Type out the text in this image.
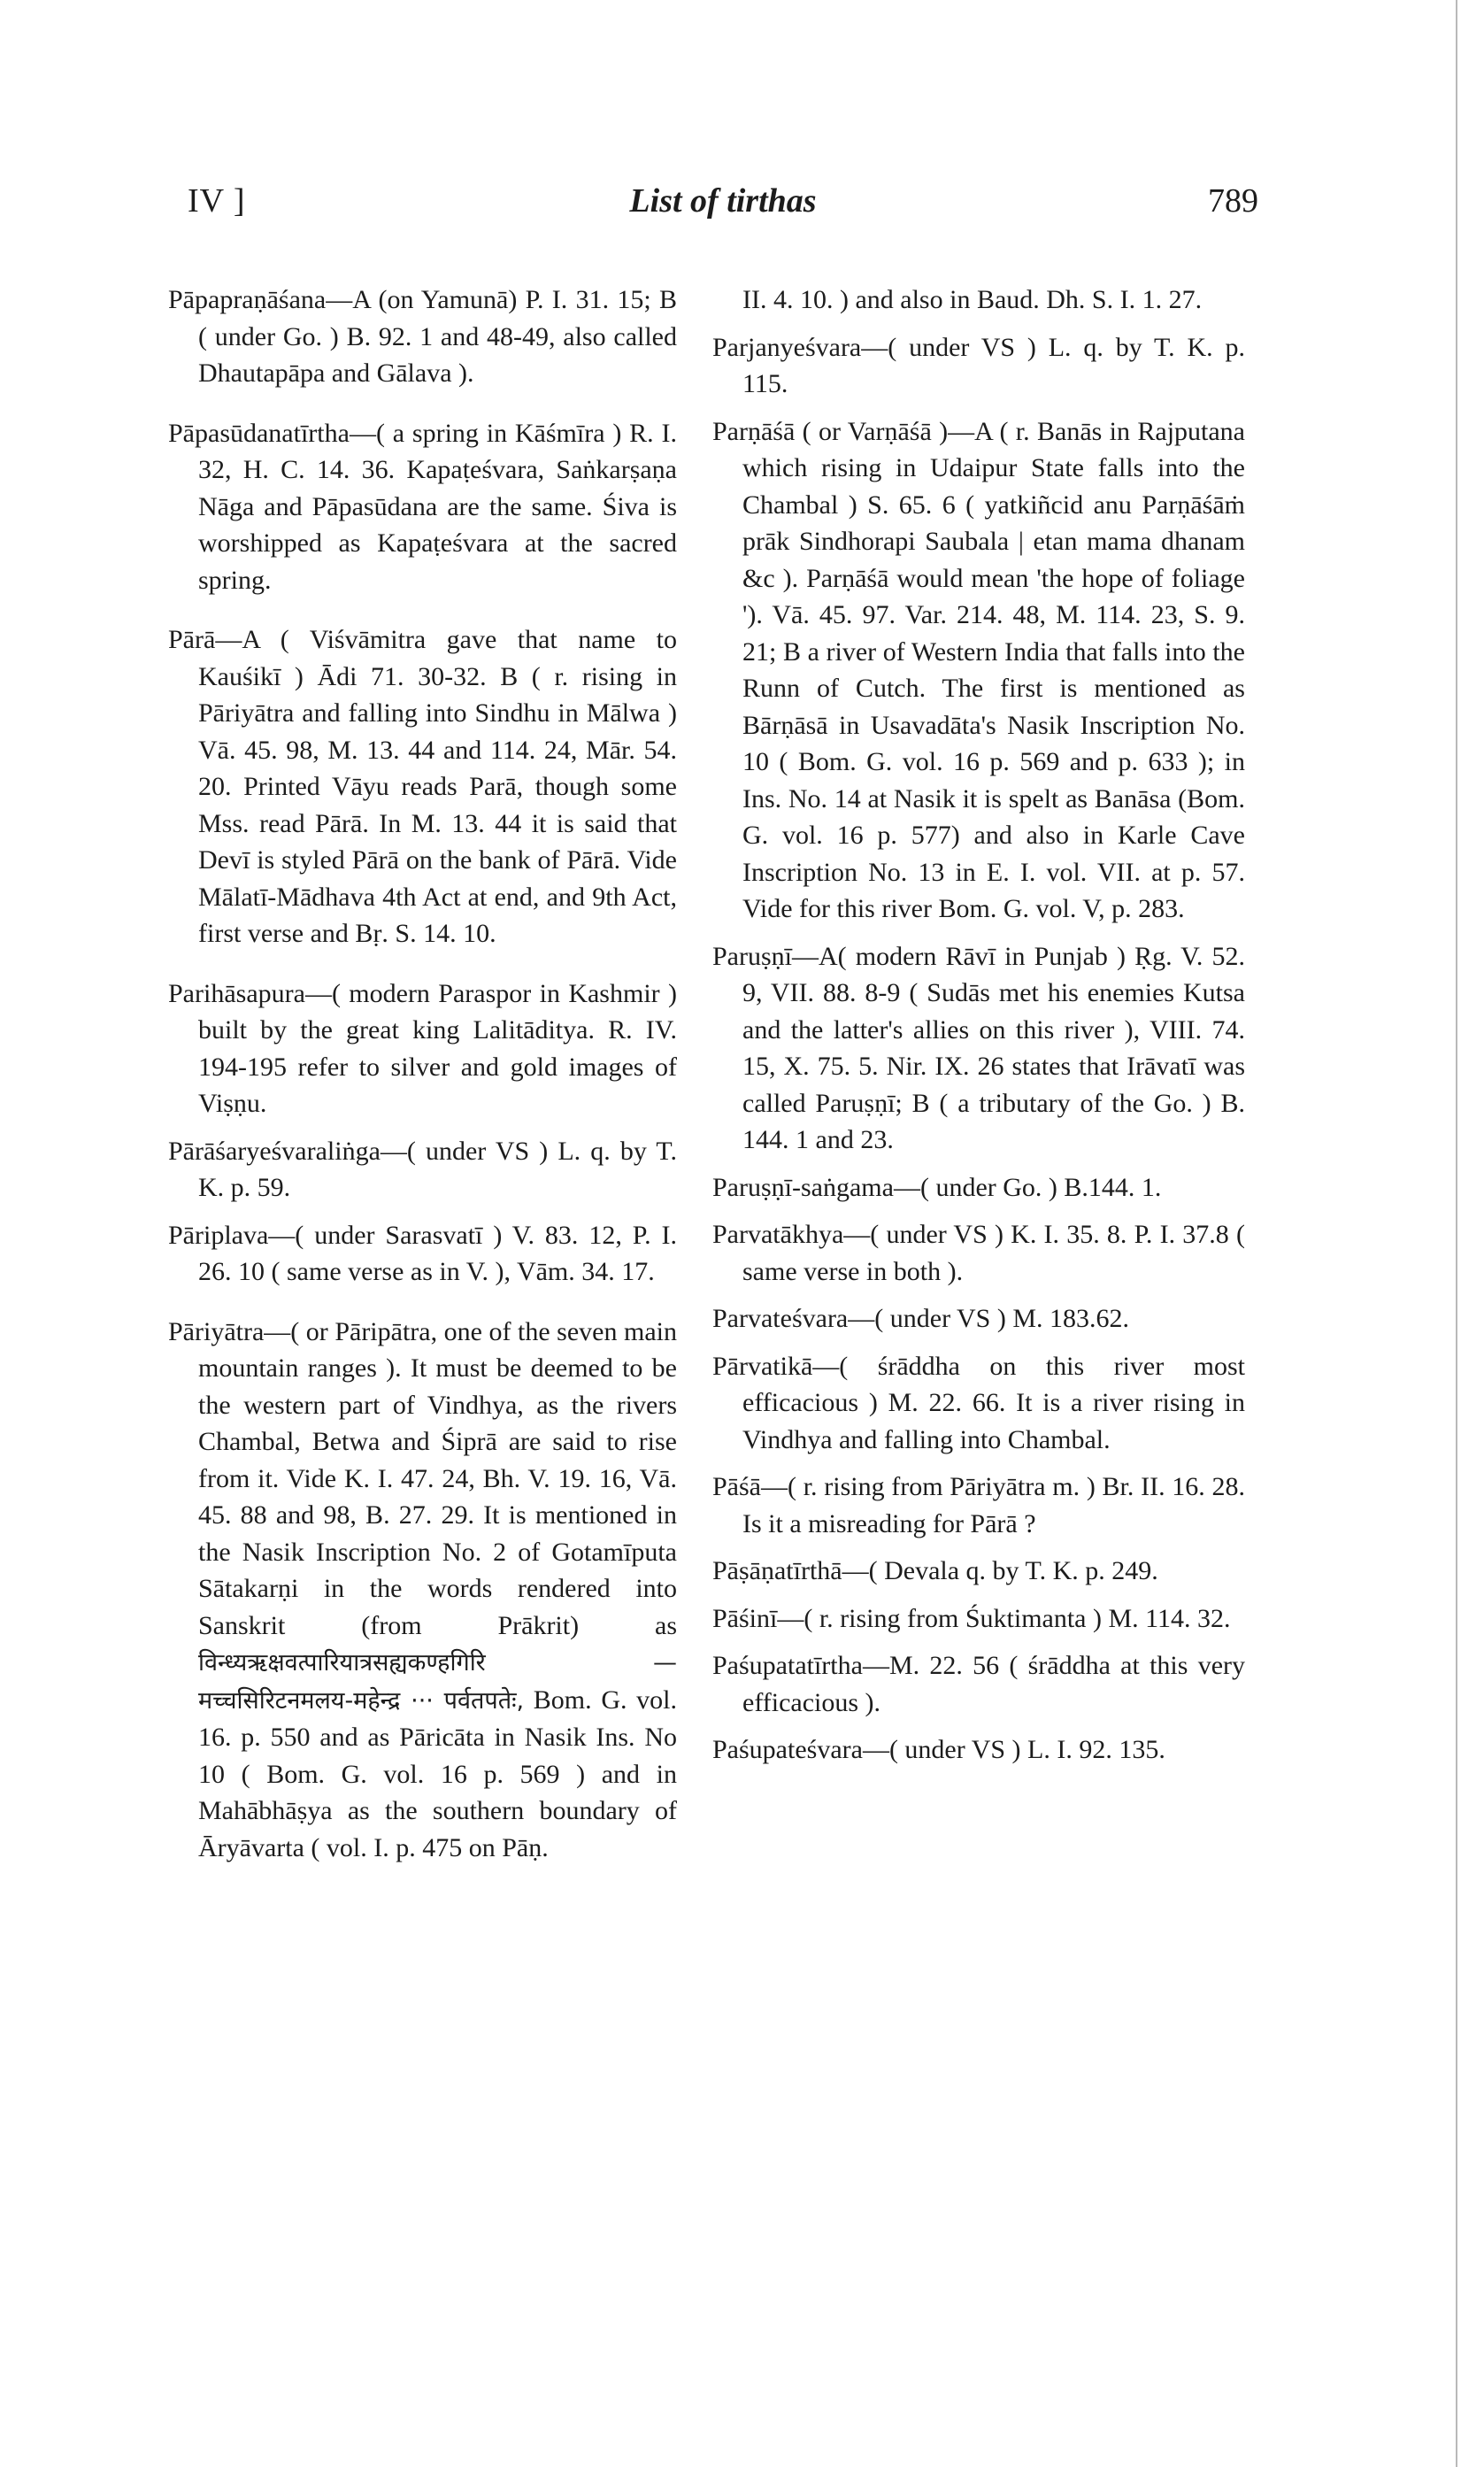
IV ]	List of tirthas	789

Pāpapraṇāśana—A (on Yamunā) P. I. 31. 15; B ( under Go. ) B. 92. 1 and 48-49, also called Dhautapāpa and Gālava ).

Pāpasūdanatīrtha—( a spring in Kāśmīra ) R. I. 32, H. C. 14. 36. Kapaṭeśvara, Saṅkarṣaṇa Nāga and Pāpasūdana are the same. Śiva is worshipped as Kapaṭeśvara at the sacred spring.

Pārā—A ( Viśvāmitra gave that name to Kauśikī ) Ādi 71. 30-32. B ( r. rising in Pāriyātra and falling into Sindhu in Mālwa ) Vā. 45. 98, M. 13. 44 and 114. 24, Mār. 54. 20. Printed Vāyu reads Parā, though some Mss. read Pārā. In M. 13. 44 it is said that Devī is styled Pārā on the bank of Pārā. Vide Mālatī-Mādhava 4th Act at end, and 9th Act, first verse and Bṛ. S. 14. 10.

Parihāsapura—( modern Paraspor in Kashmir ) built by the great king Lalitāditya. R. IV. 194-195 refer to silver and gold images of Viṣṇu.

Pārāśaryeśvaraliṅga—( under VS ) L. q. by T. K. p. 59.

Pāriplava—( under Sarasvatī ) V. 83. 12, P. I. 26. 10 ( same verse as in V. ), Vām. 34. 17.

Pāriyātra—( or Pāripātra, one of the seven main mountain ranges ). It must be deemed to be the western part of Vindhya, as the rivers Chambal, Betwa and Śiprā are said to rise from it. Vide K. I. 47. 24, Bh. V. 19. 16, Vā. 45. 88 and 98, B. 27. 29. It is mentioned in the Nasik Inscription No. 2 of Gotamīputa Sātakarṇi in the words rendered into Sanskrit (from Prākrit) as विन्ध्यऋक्षवत्पारियात्रसह्यकण्हगिरि — मच्चसिरिटनमलय-महेन्द्र ··· पर्वतपतेः, Bom. G. vol. 16. p. 550 and as Pāricāta in Nasik Ins. No 10 ( Bom. G. vol. 16 p. 569 ) and in Mahābhāṣya as the southern boundary of Āryāvarta ( vol. I. p. 475 on Pāṇ.

II. 4. 10. ) and also in Baud. Dh. S. I. 1. 27.

Parjanyeśvara—( under VS ) L. q. by T. K. p. 115.

Parṇāśā ( or Varṇāśā )—A ( r. Banās in Rajputana which rising in Udaipur State falls into the Chambal ) S. 65. 6 ( yatkiñcid anu Parṇāśāṁ prāk Sindhorapi Saubala | etan mama dhanam &c ). Parṇāśā would mean 'the hope of foliage '). Vā. 45. 97. Var. 214. 48, M. 114. 23, S. 9. 21; B a river of Western India that falls into the Runn of Cutch. The first is mentioned as Bārṇāsā in Usavadāta's Nasik Inscription No. 10 ( Bom. G. vol. 16 p. 569 and p. 633 ); in Ins. No. 14 at Nasik it is spelt as Banāsa (Bom. G. vol. 16 p. 577) and also in Karle Cave Inscription No. 13 in E. I. vol. VII. at p. 57. Vide for this river Bom. G. vol. V, p. 283.

Paruṣṇī—A( modern Rāvī in Punjab ) Ṛg. V. 52. 9, VII. 88. 8-9 ( Sudās met his enemies Kutsa and the latter's allies on this river ), VIII. 74. 15, X. 75. 5. Nir. IX. 26 states that Irāvatī was called Paruṣṇī; B ( a tributary of the Go. ) B. 144. 1 and 23.

Paruṣṇī-saṅgama—( under Go. ) B.144. 1.

Parvatākhya—( under VS ) K. I. 35. 8. P. I. 37.8 ( same verse in both ).

Parvateśvara—( under VS ) M. 183.62.

Pārvatikā—( śrāddha on this river most efficacious ) M. 22. 66. It is a river rising in Vindhya and falling into Chambal.

Pāśā—( r. rising from Pāriyātra m. ) Br. II. 16. 28. Is it a misreading for Pārā ?

Pāṣāṇatīrthā—( Devala q. by T. K. p. 249.

Pāśinī—( r. rising from Śuktimanta ) M. 114. 32.

Paśupatatīrtha—M. 22. 56 ( śrāddha at this very efficacious ).

Paśupateśvara—( under VS ) L. I. 92. 135.
